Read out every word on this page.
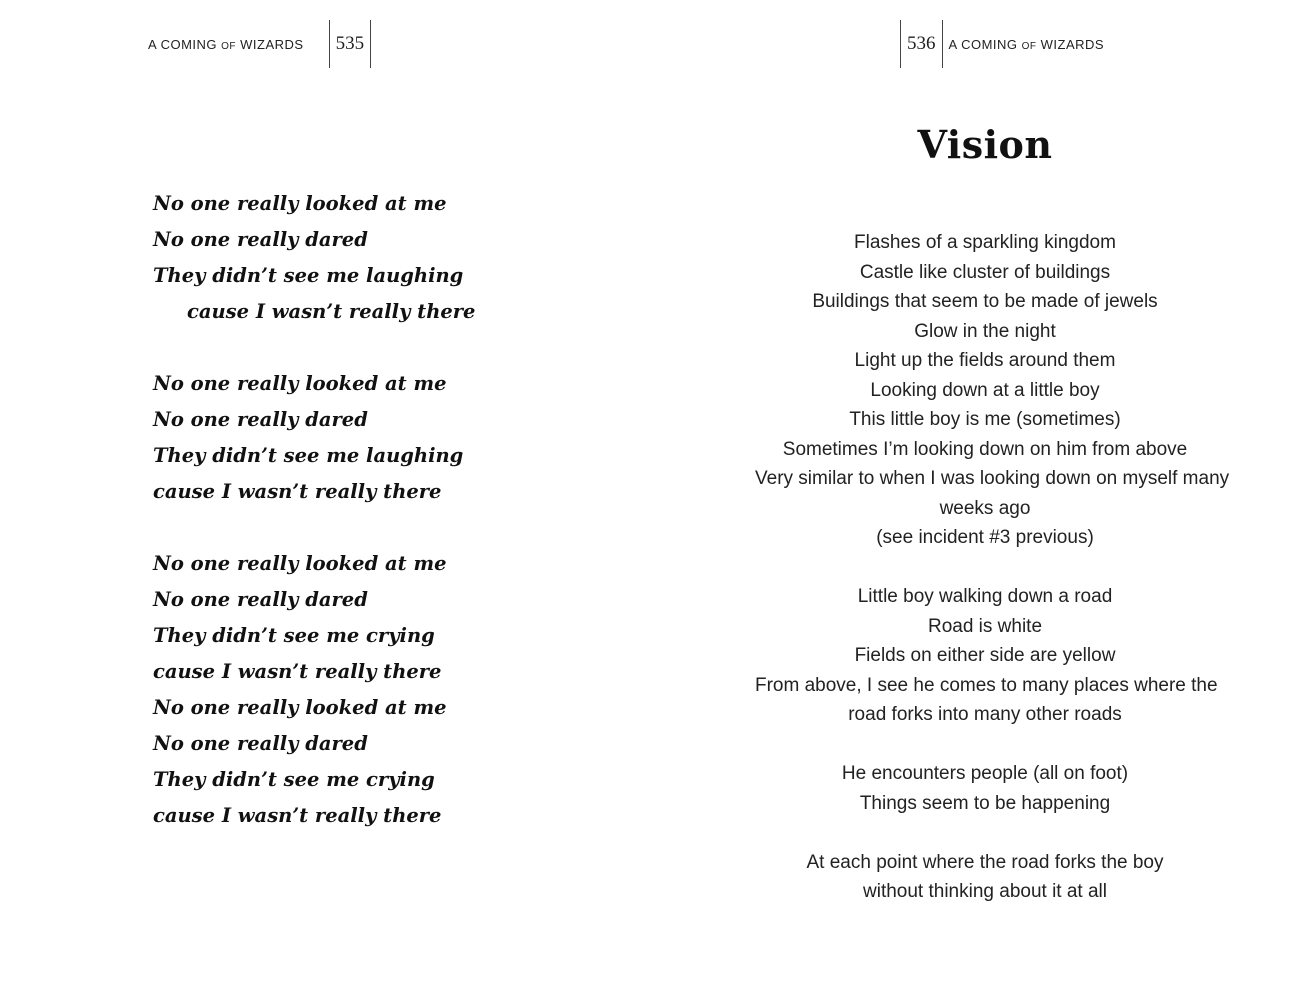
A COMING OF WIZARDS	535
No one really looked at me
No one really dared
They didn’t see me laughing
cause I wasn’t really there
No one really looked at me
No one really dared
They didn’t see me laughing
cause I wasn’t really there
No one really looked at me
No one really dared
They didn’t see me crying
cause I wasn’t really there
No one really looked at me
No one really dared
They didn’t see me crying
cause I wasn’t really there
536	A COMING OF WIZARDS
Vision
Flashes of a sparkling kingdom
Castle like cluster of buildings
Buildings that seem to be made of jewels
Glow in the night
Light up the fields around them
Looking down at a little boy
This little boy is me (sometimes)
Sometimes I’m looking down on him from above
Very similar to when I was looking down on myself many
weeks ago
(see incident #3 previous)
Little boy walking down a road
Road is white
Fields on either side are yellow
From above, I see he comes to many places where the
road forks into many other roads
He encounters people (all on foot)
Things seem to be happening
At each point where the road forks the boy
without thinking about it at all
